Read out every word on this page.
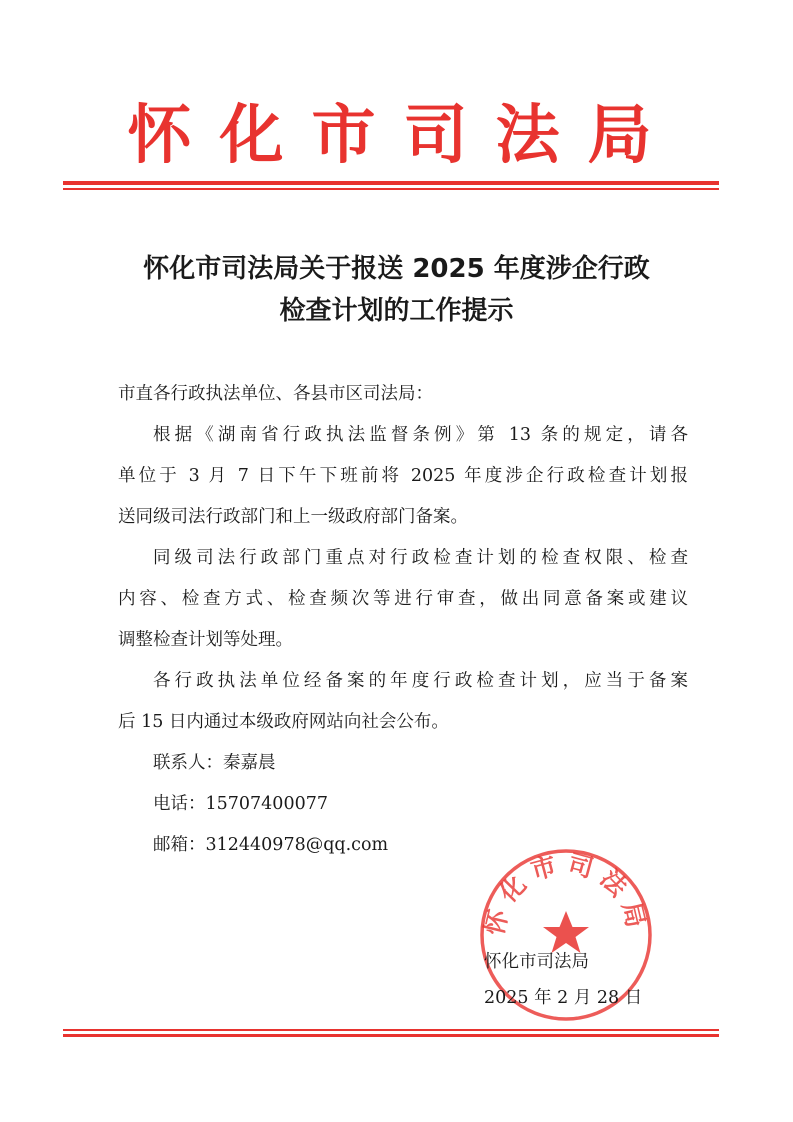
怀化市司法局
怀化市司法局关于报送 2025 年度涉企行政
检查计划的工作提示
市直各行政执法单位、各县市区司法局：
根据《湖南省行政执法监督条例》第 13 条的规定，请各
单位于 3 月 7 日下午下班前将 2025 年度涉企行政检查计划报
送同级司法行政部门和上一级政府部门备案。
同级司法行政部门重点对行政检查计划的检查权限、检查
内容、检查方式、检查频次等进行审查，做出同意备案或建议
调整检查计划等处理。
各行政执法单位经备案的年度行政检查计划，应当于备案
后 15 日内通过本级政府网站向社会公布。
联系人：秦嘉晨
电话：15707400077
邮箱：312440978@qq.com
怀化市司法局
怀化市司法局
2025 年 2 月 28 日
